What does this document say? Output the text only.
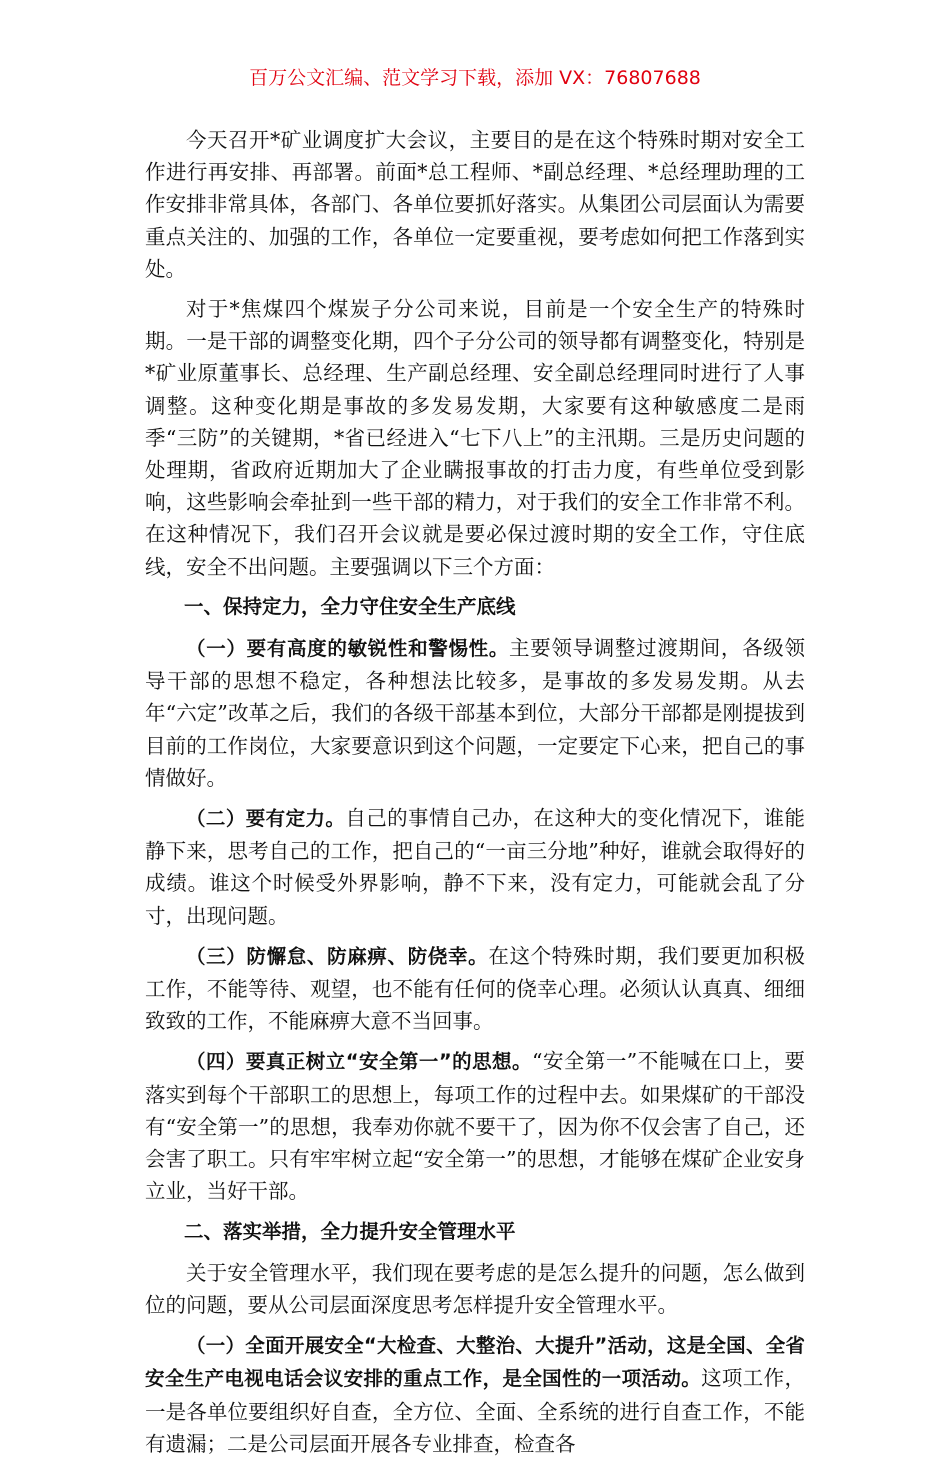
百万公文汇编、范文学习下载，添加 VX：76807688

今天召开*矿业调度扩大会议，主要目的是在这个特殊时期对安全工作进行再安排、再部署。前面*总工程师、*副总经理、*总经理助理的工作安排非常具体，各部门、各单位要抓好落实。从集团公司层面认为需要重点关注的、加强的工作，各单位一定要重视，要考虑如何把工作落到实处。

对于*焦煤四个煤炭子分公司来说，目前是一个安全生产的特殊时期。一是干部的调整变化期，四个子分公司的领导都有调整变化，特别是*矿业原董事长、总经理、生产副总经理、安全副总经理同时进行了人事调整。这种变化期是事故的多发易发期，大家要有这种敏感度二是雨季“三防”的关键期，*省已经进入“七下八上”的主汛期。三是历史问题的处理期，省政府近期加大了企业瞒报事故的打击力度，有些单位受到影响，这些影响会牵扯到一些干部的精力，对于我们的安全工作非常不利。在这种情况下，我们召开会议就是要必保过渡时期的安全工作，守住底线，安全不出问题。主要强调以下三个方面：

一、保持定力，全力守住安全生产底线

（一）要有高度的敏锐性和警惕性。主要领导调整过渡期间，各级领导干部的思想不稳定，各种想法比较多，是事故的多发易发期。从去年“六定”改革之后，我们的各级干部基本到位，大部分干部都是刚提拔到目前的工作岗位，大家要意识到这个问题，一定要定下心来，把自己的事情做好。

（二）要有定力。自己的事情自己办，在这种大的变化情况下，谁能静下来，思考自己的工作，把自己的“一亩三分地”种好，谁就会取得好的成绩。谁这个时候受外界影响，静不下来，没有定力，可能就会乱了分寸，出现问题。

（三）防懈怠、防麻痹、防侥幸。在这个特殊时期，我们要更加积极工作，不能等待、观望，也不能有任何的侥幸心理。必须认认真真、细细致致的工作，不能麻痹大意不当回事。

（四）要真正树立“安全第一”的思想。“安全第一”不能喊在口上，要落实到每个干部职工的思想上，每项工作的过程中去。如果煤矿的干部没有“安全第一”的思想，我奉劝你就不要干了，因为你不仅会害了自己，还会害了职工。只有牢牢树立起“安全第一”的思想，才能够在煤矿企业安身立业，当好干部。

二、落实举措，全力提升安全管理水平

关于安全管理水平，我们现在要考虑的是怎么提升的问题，怎么做到位的问题，要从公司层面深度思考怎样提升安全管理水平。

（一）全面开展安全“大检查、大整治、大提升”活动，这是全国、全省安全生产电视电话会议安排的重点工作，是全国性的一项活动。这项工作，一是各单位要组织好自查，全方位、全面、全系统的进行自查工作，不能有遗漏；二是公司层面开展各专业排查，检查各
